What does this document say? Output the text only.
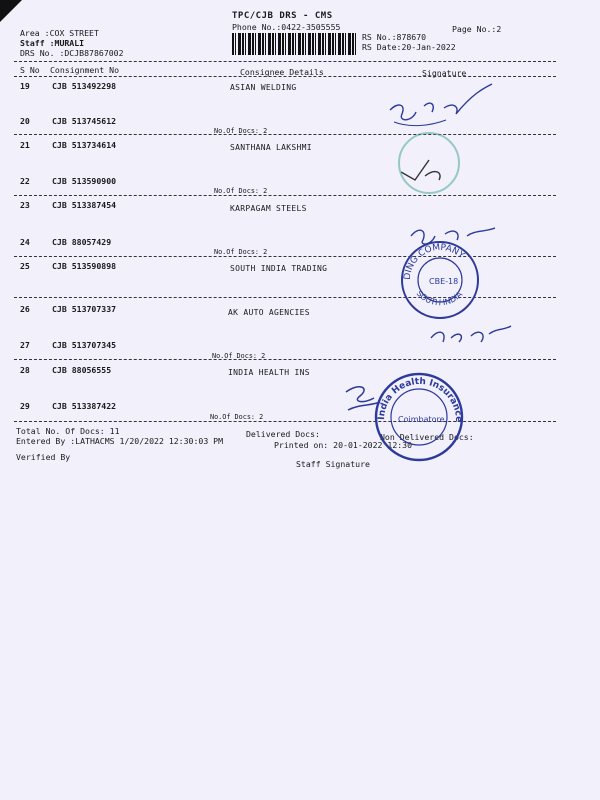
TPC/CJB DRS - CMS
Phone No.:0422-3505555	Page No.:2
RS No.:878670
RS Date:20-Jan-2022
Area :COX STREET
Staff :MURALI
DRS No. :DCJB87867002
S No Consignment No	Consignee Details	Signature
19	CJB 513492298	ASIAN WELDING
20	CJB 513745612
No.Of Docs: 2
21	CJB 513734614	SANTHANA LAKSHMI
22	CJB 513590900
No.Of Docs: 2
23	CJB 513387454	KARPAGAM STEELS
24	CJB 88057429
No.Of Docs: 2
25	CJB 513590898	SOUTH INDIA TRADING
26	CJB 513707337	AK AUTO AGENCIES
27	CJB 513707345
No.Of Docs: 2
28	CJB 88056555	INDIA HEALTH INS
29	CJB 513387422
No.Of Docs: 2
Total No. Of Docs: 11	Delivered Docs:	Non Delivered Docs:
Entered By :LATHACMS 1/20/2022 12:30:03 PM	Printed on: 20-01-2022 12:30
Verified By
Staff Signature
DING COMPANY
CBE-18
SOUTH INDIA
India Health Insurance
Coimbatore
